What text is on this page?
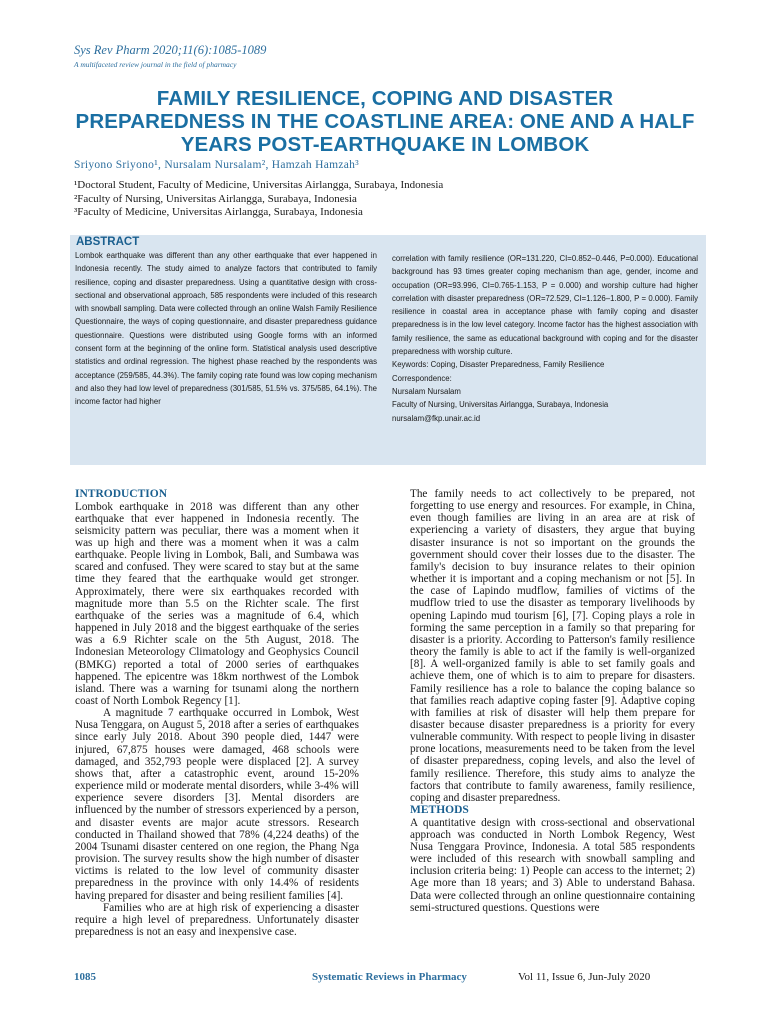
Sys Rev Pharm 2020;11(6):1085-1089
A multifaceted review journal in the field of pharmacy
FAMILY RESILIENCE, COPING AND DISASTER PREPAREDNESS IN THE COASTLINE AREA: ONE AND A HALF YEARS POST-EARTHQUAKE IN LOMBOK
Sriyono Sriyono¹, Nursalam Nursalam², Hamzah Hamzah³
¹Doctoral Student, Faculty of Medicine, Universitas Airlangga, Surabaya, Indonesia
²Faculty of Nursing, Universitas Airlangga, Surabaya, Indonesia
³Faculty of Medicine, Universitas Airlangga, Surabaya, Indonesia
ABSTRACT
Lombok earthquake was different than any other earthquake that ever happened in Indonesia recently. The study aimed to analyze factors that contributed to family resilience, coping and disaster preparedness. Using a quantitative design with cross-sectional and observational approach, 585 respondents were included of this research with snowball sampling. Data were collected through an online Walsh Family Resilience Questionnaire, the ways of coping questionnaire, and disaster preparedness guidance questionnaire. Questions were distributed using Google forms with an informed consent form at the beginning of the online form. Statistical analysis used descriptive statistics and ordinal regression. The highest phase reached by the respondents was acceptance (259/585, 44.3%). The family coping rate found was low coping mechanism and also they had low level of preparedness (301/585, 51.5% vs. 375/585, 64.1%). The income factor had higher

correlation with family resilience (OR=131.220, CI=0.852–0.446, P=0.000). Educational background has 93 times greater coping mechanism than age, gender, income and occupation (OR=93.996, CI=0.765-1.153, P = 0.000) and worship culture had higher correlation with disaster preparedness (OR=72.529, CI=1.126–1.800, P = 0.000). Family resilience in coastal area in acceptance phase with family coping and disaster preparedness is in the low level category. Income factor has the highest association with family resilience, the same as educational background with coping and for the disaster preparedness with worship culture.

Keywords: Coping, Disaster Preparedness, Family Resilience

Correspondence:
Nursalam Nursalam
Faculty of Nursing, Universitas Airlangga, Surabaya, Indonesia
nursalam@fkp.unair.ac.id

INTRODUCTION

Lombok earthquake in 2018 was different than any other earthquake that ever happened in Indonesia recently. The seismicity pattern was peculiar, there was a moment when it was up high and there was a moment when it was a calm earthquake. People living in Lombok, Bali, and Sumbawa was scared and confused. They were scared to stay but at the same time they feared that the earthquake would get stronger. Approximately, there were six earthquakes recorded with magnitude more than 5.5 on the Richter scale. The first earthquake of the series was a magnitude of 6.4, which happened in July 2018 and the biggest earthquake of the series was a 6.9 Richter scale on the 5th August, 2018. The Indonesian Meteorology Climatology and Geophysics Council (BMKG) reported a total of 2000 series of earthquakes happened. The epicentre was 18km northwest of the Lombok island. There was a warning for tsunami along the northern coast of North Lombok Regency [1].

A magnitude 7 earthquake occurred in Lombok, West Nusa Tenggara, on August 5, 2018 after a series of earthquakes since early July 2018. About 390 people died, 1447 were injured, 67,875 houses were damaged, 468 schools were damaged, and 352,793 people were displaced [2]. A survey shows that, after a catastrophic event, around 15-20% experience mild or moderate mental disorders, while 3-4% will experience severe disorders [3]. Mental disorders are influenced by the number of stressors experienced by a person, and disaster events are major acute stressors. Research conducted in Thailand showed that 78% (4,224 deaths) of the 2004 Tsunami disaster centered on one region, the Phang Nga provision. The survey results show the high number of disaster victims is related to the low level of community disaster preparedness in the province with only 14.4% of residents having prepared for disaster and being resilient families [4].

Families who are at high risk of experiencing a disaster require a high level of preparedness. Unfortunately disaster preparedness is not an easy and inexpensive case.

The family needs to act collectively to be prepared, not forgetting to use energy and resources. For example, in China, even though families are living in an area are at risk of experiencing a variety of disasters, they argue that buying disaster insurance is not so important on the grounds the government should cover their losses due to the disaster. The family's decision to buy insurance relates to their opinion whether it is important and a coping mechanism or not [5]. In the case of Lapindo mudflow, families of victims of the mudflow tried to use the disaster as temporary livelihoods by opening Lapindo mud tourism [6], [7]. Coping plays a role in forming the same perception in a family so that preparing for disaster is a priority. According to Patterson's family resilience theory the family is able to act if the family is well-organized [8]. A well-organized family is able to set family goals and achieve them, one of which is to aim to prepare for disasters. Family resilience has a role to balance the coping balance so that families reach adaptive coping faster [9]. Adaptive coping with families at risk of disaster will help them prepare for disaster because disaster preparedness is a priority for every vulnerable community. With respect to people living in disaster prone locations, measurements need to be taken from the level of disaster preparedness, coping levels, and also the level of family resilience. Therefore, this study aims to analyze the factors that contribute to family awareness, family resilience, coping and disaster preparedness.

METHODS

A quantitative design with cross-sectional and observational approach was conducted in North Lombok Regency, West Nusa Tenggara Province, Indonesia. A total 585 respondents were included of this research with snowball sampling and inclusion criteria being: 1) People can access to the internet; 2) Age more than 18 years; and 3) Able to understand Bahasa. Data were collected through an online questionnaire containing semi-structured questions. Questions were

1085	Systematic Reviews in Pharmacy	Vol 11, Issue 6, Jun-July 2020
